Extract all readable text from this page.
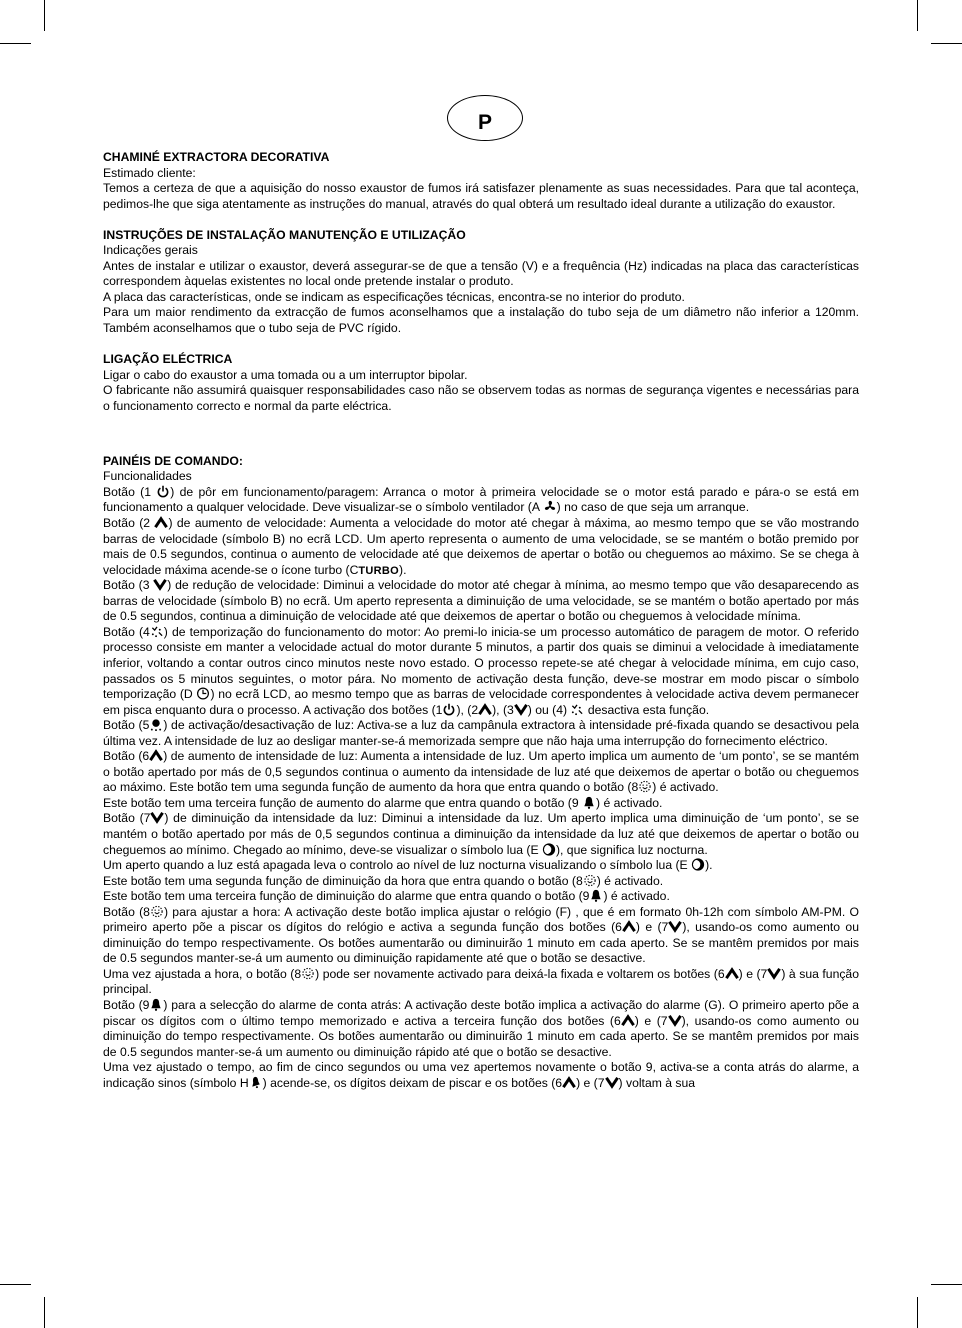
P
CHAMINÉ EXTRACTORA DECORATIVA

Estimado cliente:

Temos a certeza de que a aquisição do nosso exaustor de fumos irá satisfazer plenamente as suas necessidades. Para que tal aconteça, pedimos-lhe que siga atentamente as instruções do manual, através do qual obterá um resultado ideal durante a utilização do exaustor.

INSTRUÇÕES DE INSTALAÇÃO MANUTENÇÃO E UTILIZAÇÃO

Indicações gerais

Antes de instalar e utilizar o exaustor, deverá assegurar-se de que a tensão (V) e a frequência (Hz) indicadas na placa das características correspondem àquelas existentes no local onde pretende instalar o produto.

A placa das características, onde se indicam as especificações técnicas, encontra-se no interior do produto.

Para um maior rendimento da extracção de fumos aconselhamos que a instalação do tubo seja de um diâmetro não inferior a 120mm. Também aconselhamos que o tubo seja de PVC rígido.

LIGAÇÃO ELÉCTRICA

Ligar o cabo do exaustor a uma tomada ou a um interruptor bipolar.

O fabricante não assumirá quaisquer responsabilidades caso não se observem todas as normas de segurança vigentes e necessárias para o funcionamento correcto e normal da parte eléctrica.

PAINÉIS DE COMANDO:

Funcionalidades

Botão (1
) de pôr em funcionamento/paragem: Arranca o motor à primeira velocidade se o motor está parado e pára-o se está em funcionamento a qualquer velocidade. Deve visualizar-se o símbolo ventilador (A
) no caso de que seja um arranque.

Botão (2
) de aumento de velocidade: Aumenta a velocidade do motor até chegar à máxima, ao mesmo tempo que se vão mostrando barras de velocidade (símbolo B) no ecrã LCD. Um aperto representa o aumento de uma velocidade, se se mantém o botão premido por mais de 0.5 segundos, continua o aumento de velocidade até que deixemos de apertar o botão ou cheguemos ao máximo. Se se chega à velocidade máxima acende-se o ícone turbo (CTURBO).

Botão (3
) de redução de velocidade: Diminui a velocidade do motor até chegar à mínima, ao mesmo tempo que vão desaparecendo as barras de velocidade (símbolo B) no ecrã. Um aperto representa a diminuição de uma velocidade, se se mantém o botão apertado por más de 0.5 segundos, continua a diminuição de velocidade até que deixemos de apertar o botão ou cheguemos à velocidade mínima.

Botão (4 ) de temporização do funcionamento do motor: Ao premi-lo inicia-se um processo automático de paragem de motor. O referido processo consiste em manter a velocidade actual do motor durante 5 minutos, a partir dos quais se diminui a velocidade à imediatamente inferior, voltando a contar outros cinco minutos neste novo estado. O processo repete-se até chegar à velocidade mínima, em cujo caso, passados os 5 minutos seguintes, o motor pára. No momento de activação desta função, deve-se mostrar em modo piscar o símbolo temporização (D
) no ecrã LCD, ao mesmo tempo que as barras de velocidade correspondentes à velocidade activa devem permanecer em pisca enquanto dura o processo. A activação dos botões (1 ), (2 ), (3 ) ou (4)
desactiva esta função.

Botão (5 ) de activação/desactivação de luz: Activa-se a luz da campânula extractora à intensidade pré-fixada quando se desactivou pela última vez. A intensidade de luz ao desligar manter-se-á memorizada sempre que não haja uma interrupção do fornecimento eléctrico.

Botão (6 ) de aumento de intensidade de luz: Aumenta a intensidade de luz. Um aperto implica um aumento de ‘um ponto’, se se mantém o botão apertado por más de 0,5 segundos continua o aumento da intensidade de luz até que deixemos de apertar o botão ou cheguemos ao máximo. Este botão tem uma segunda função de aumento da hora que entra quando o botão (8 ) é activado.

Este botão tem uma terceira função de aumento do alarme que entra quando o botão (9
) é activado.

Botão (7 ) de diminuição da intensidade da luz: Diminui a intensidade da luz. Um aperto implica uma diminuição de ‘um ponto’, se se mantém o botão apertado por más de 0,5 segundos continua a diminuição da intensidade da luz até que deixemos de apertar o botão ou cheguemos ao mínimo. Chegado ao mínimo, deve-se visualizar o símbolo lua (E
), que significa luz nocturna.

Um aperto quando a luz está apagada leva o controlo ao nível de luz nocturna visualizando o símbolo lua (E
).

Este botão tem uma segunda função de diminuição da hora que entra quando o botão (8 ) é activado.

Este botão tem uma terceira função de diminuição do alarme que entra quando o botão (9 ) é activado.

Botão (8 ) para ajustar a hora: A activação deste botão implica ajustar o relógio (F) , que é em formato 0h-12h com símbolo AM-PM. O primeiro aperto põe a piscar os dígitos do relógio e activa a segunda função dos botões (6 ) e (7 ), usando-os como aumento ou diminuição do tempo respectivamente. Os botões aumentarão ou diminuirão 1 minuto em cada aperto. Se se mantêm premidos por mais de 0.5 segundos manter-se-á um aumento ou diminuição rapidamente até que o botão se desactive.

Uma vez ajustada a hora, o botão (8 ) pode ser novamente activado para deixá-la fixada e voltarem os botões (6 ) e (7 ) à sua função principal.

Botão (9 ) para a selecção do alarme de conta atrás: A activação deste botão implica a activação do alarme (G). O primeiro aperto põe a piscar os dígitos com o último tempo memorizado e activa a terceira função dos botões (6 ) e (7 ), usando-os como aumento ou diminuição do tempo respectivamente. Os botões aumentarão ou diminuirão 1 minuto em cada aperto. Se se mantêm premidos por mais de 0.5 segundos manter-se-á um aumento ou diminuição rápido até que o botão se desactive.

Uma vez ajustado o tempo, ao fim de cinco segundos ou uma vez apertemos novamente o botão 9, activa-se a conta atrás do alarme, a indicação sinos (símbolo H ) acende-se, os dígitos deixam de piscar e os botões (6 ) e (7 ) voltam à sua
